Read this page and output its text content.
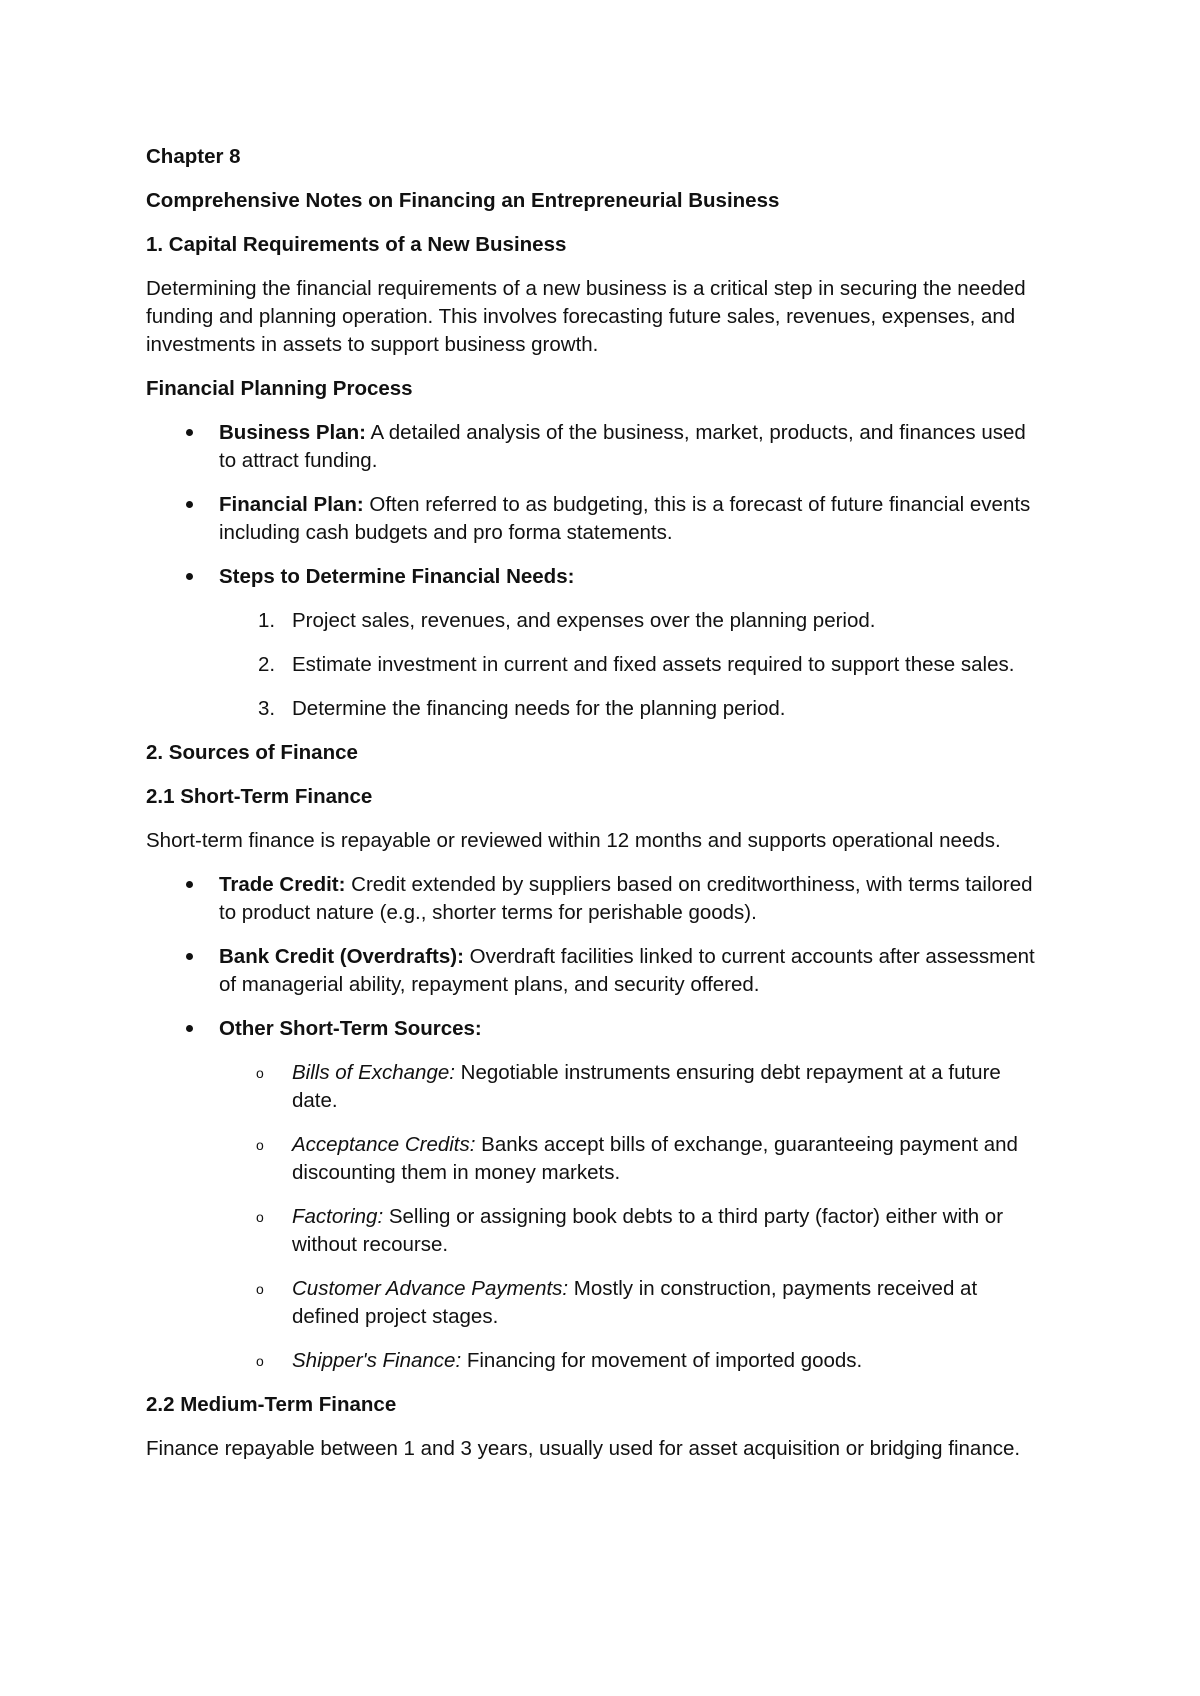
Chapter 8
Comprehensive Notes on Financing an Entrepreneurial Business
1. Capital Requirements of a New Business
Determining the financial requirements of a new business is a critical step in securing the needed funding and planning operation. This involves forecasting future sales, revenues, expenses, and investments in assets to support business growth.
Financial Planning Process
Business Plan: A detailed analysis of the business, market, products, and finances used to attract funding.
Financial Plan: Often referred to as budgeting, this is a forecast of future financial events including cash budgets and pro forma statements.
Steps to Determine Financial Needs:
1. Project sales, revenues, and expenses over the planning period.
2. Estimate investment in current and fixed assets required to support these sales.
3. Determine the financing needs for the planning period.
2. Sources of Finance
2.1 Short-Term Finance
Short-term finance is repayable or reviewed within 12 months and supports operational needs.
Trade Credit: Credit extended by suppliers based on creditworthiness, with terms tailored to product nature (e.g., shorter terms for perishable goods).
Bank Credit (Overdrafts): Overdraft facilities linked to current accounts after assessment of managerial ability, repayment plans, and security offered.
Other Short-Term Sources:
o	Bills of Exchange: Negotiable instruments ensuring debt repayment at a future date.
o	Acceptance Credits: Banks accept bills of exchange, guaranteeing payment and discounting them in money markets.
o	Factoring: Selling or assigning book debts to a third party (factor) either with or without recourse.
o	Customer Advance Payments: Mostly in construction, payments received at defined project stages.
o	Shipper's Finance: Financing for movement of imported goods.
2.2 Medium-Term Finance
Finance repayable between 1 and 3 years, usually used for asset acquisition or bridging finance.
